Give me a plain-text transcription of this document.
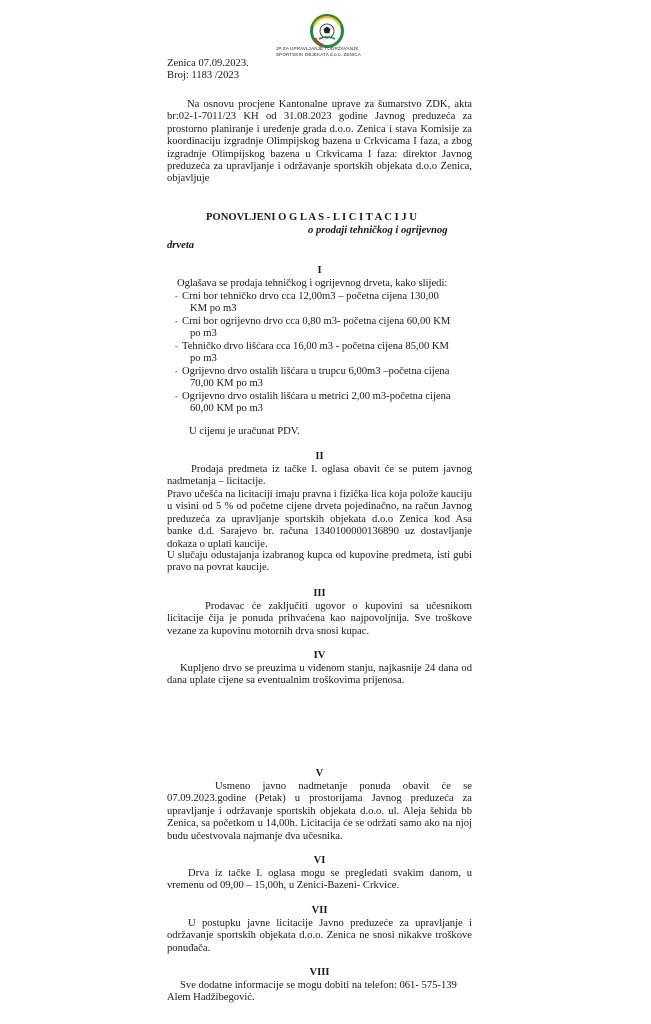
JP ZA UPRAVLJANJE I ODRŽAVANJE
SPORTSKIH OBJEKATA d.o.o. ZENICA
Zenica 07.09.2023.
Broj: 1183 /2023
Na osnovu procjene Kantonalne uprave za šumarstvo ZDK, akta br:02-1-7011/23 KH od 31.08.2023 godine Javnog preduzeća za prostorno planiranje i uređenje grada d.o.o. Zenica i stava Komisije za koordinaciju izgradnje Olimpijskog bazena u Crkvicama I faza, a zbog izgradnje Olimpijskog bazena u Crkvicama I faza: direktor Javnog preduzeća za upravljanje i održavanje sportskih objekata d.o.o Zenica, objavljuje
PONOVLJENI O G L A S - L I C I T A C I J U
o prodaji tehničkog i ogrijevnog
drveta
I
Oglašava se prodaja tehničkog i ogrijevnog drveta, kako slijedi:
- Crni bor tehničko drvo cca 12,00m3 – početna cijena 130,00
KM po m3
- Crni bor ogrijevno drvo cca 0,80 m3- početna cijena 60,00 KM
po m3
- Tehničko drvo lišćara cca 16,00 m3 - početna cijena 85,00 KM
po m3
- Ogrijevno drvo ostalih lišćara u trupcu 6,00m3 –početna cijena
70,00 KM po m3
- Ogrijevno drvo ostalih lišćara u metrici 2,00 m3-početna cijena
60,00 KM po m3
U cijenu je uračunat PDV.
II
Prodaja predmeta iz tačke I. oglasa obavit će se putem javnog nadmetanja – licitacije.
Pravo učešća na licitaciji imaju pravna i fizička lica koja polože kauciju u visini od 5 % od početne cijene drveta pojedinačno, na račun Javnog preduzeća za upravljanje sportskih objekata d.o.o Zenica kod Asa banke d.d. Sarajevo br. računa 1340100000136890 uz dostavljanje dokaza o uplati kaucije.
U slučaju odustajanja izabranog kupca od kupovine predmeta, isti gubi pravo na povrat kaucije.
III
Prodavac će zaključiti ugovor o kupovini sa učesnikom licitacije čija je ponuda prihvaćena kao najpovoljnija. Sve troškove vezane za kupovinu motornih drva snosi kupac.
IV
Kupljeno drvo se preuzima u viđenom stanju, najkasnije 24 dana od dana uplate cijene sa eventualnim troškovima prijenosa.
V
Usmeno javno nadmetanje ponuda obavit će se 07.09.2023.godine (Petak) u prostorijama Javnog preduzeća za upravljanje i održavanje sportskih objekata d.o.o. ul. Aleja šehida bb Zenica, sa početkom u 14,00h. Licitacija će se održati samo ako na njoj budu učestvovala najmanje dva učesnika.
VI
Drva iz tačke I. oglasa mogu se pregledati svakim danom, u vremenu od 09,00 – 15,00h, u Zenici-Bazeni- Crkvice.
VII
U postupku javne licitacije Javno preduzeće za upravljanje i održavanje sportskih objekata d.o.o. Zenica ne snosi nikakve troškove ponuđača.
VIII
Sve dodatne informacije se mogu dobiti na telefon: 061- 575-139 Alem Hadžibegović.
